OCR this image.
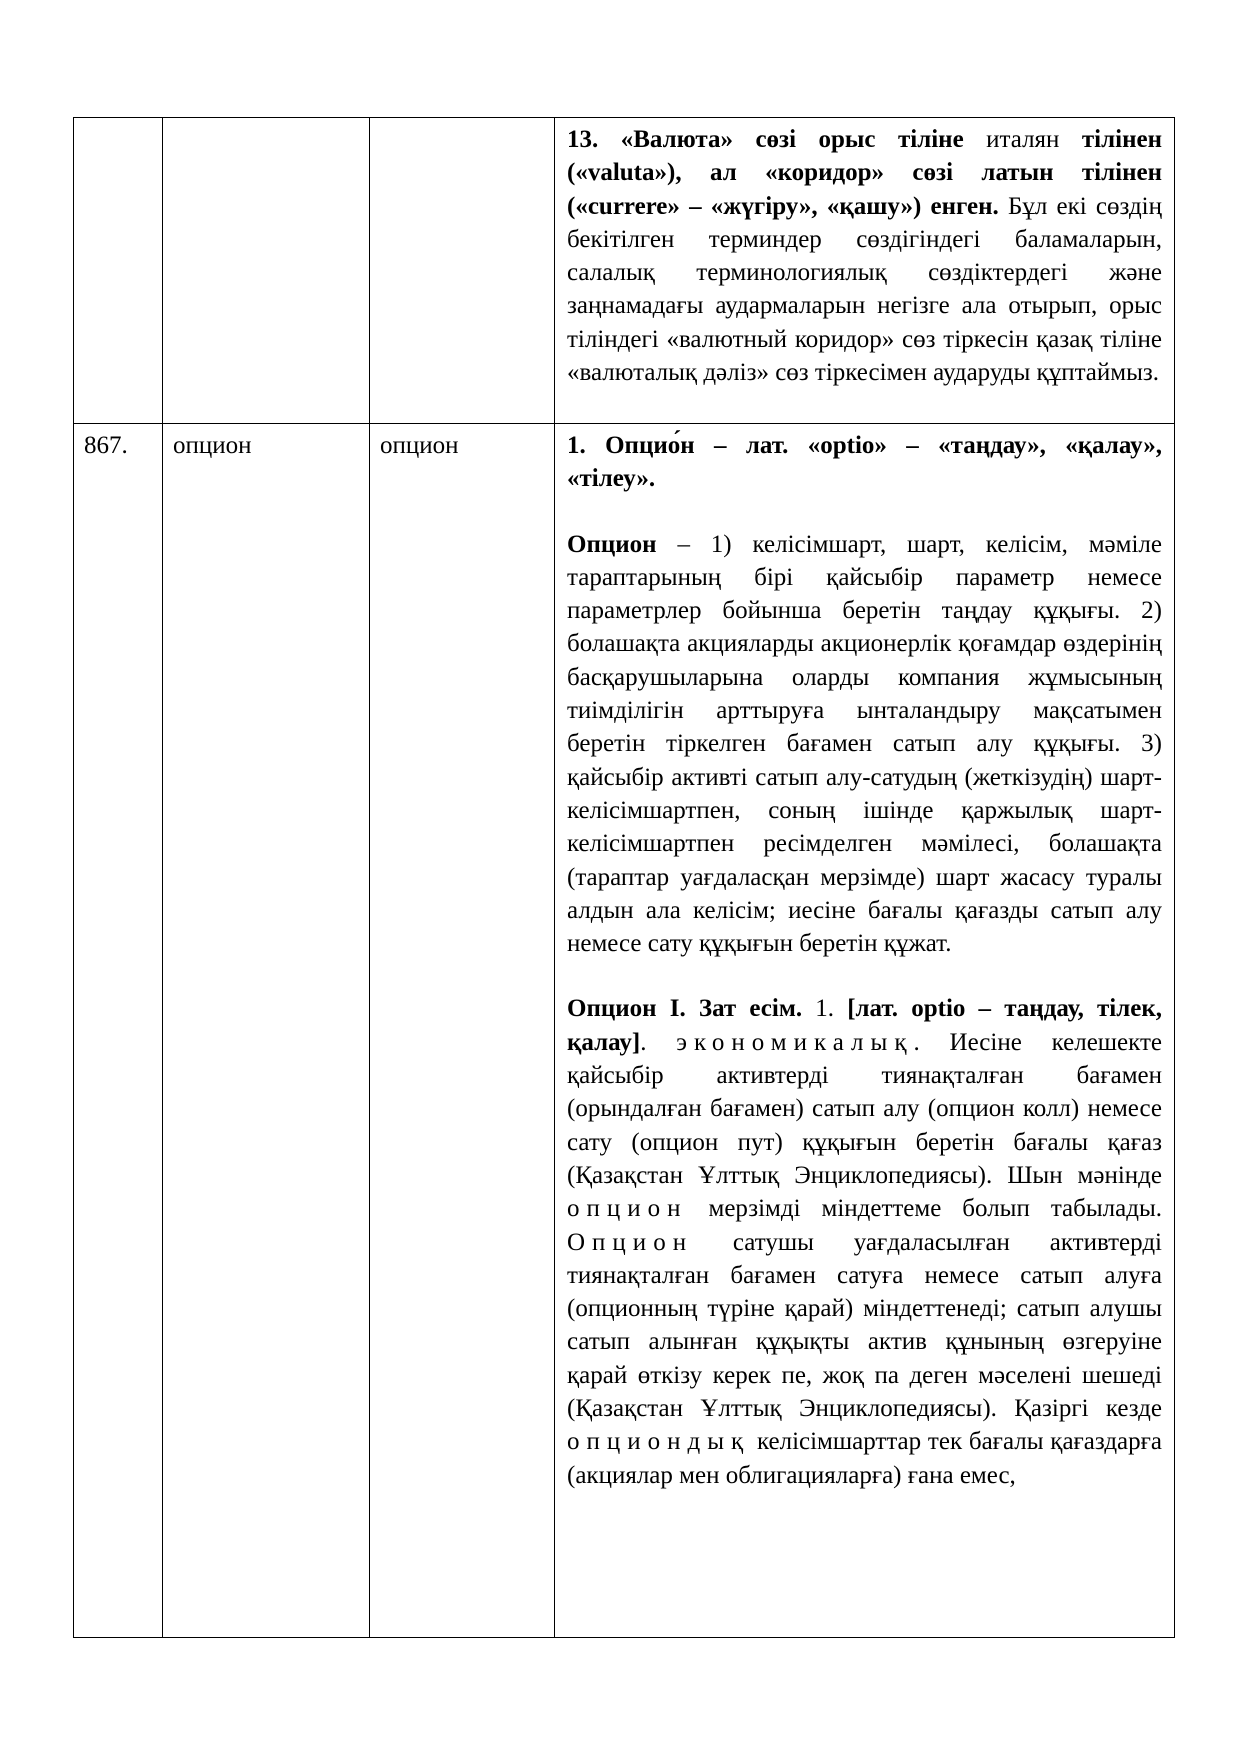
			13. «Валюта» сөзі орыс тіліне италян тілінен («valuta»), ал «коридор» сөзі латын тілінен («currere» – «жүгіру», «қашу») енген. Бұл екі сөздің бекітілген терминдер сөздігіндегі баламаларын, салалық терминологиялық сөздіктердегі және заңнамадағы аудармаларын негізге ала отырып, орыс тіліндегі «валютный коридор» сөз тіркесін қазақ тіліне «валюталық дәліз» сөз тіркесімен аударуды құптаймыз.

867.	опцион	опцион	1. Опцио́н – лат. «optio» – «таңдау», «қалау», «тілеу».

Опцион – 1) келісімшарт, шарт, келісім, мәміле тараптарының бірі қайсыбір параметр немесе параметрлер бойынша беретін таңдау құқығы. 2) болашақта акцияларды акционерлік қоғамдар өздерінің басқарушыларына оларды компания жұмысының тиімділігін арттыруға ынталандыру мақсатымен беретін тіркелген бағамен сатып алу құқығы. 3) қайсыбір активті сатып алу-сатудың (жеткізудің) шарт-келісімшартпен, соның ішінде қаржылық шарт-келісімшартпен ресімделген мәмілесі, болашақта (тараптар уағдаласқан мерзімде) шарт жасасу туралы алдын ала келісім; иесіне бағалы қағазды сатып алу немесе сату құқығын беретін құжат.

Опцион І. Зат есім. 1. [лат. optio – таңдау, тілек, қалау]. экономикалық. Иесіне келешекте қайсыбір активтерді тиянақталған бағамен (орындалған бағамен) сатып алу (опцион колл) немесе сату (опцион пут) құқығын беретін бағалы қағаз (Қазақстан Ұлттық Энциклопедиясы). Шын мәнінде опцион мерзімді міндеттеме болып табылады. Опцион сатушы уағдаласылған активтерді тиянақталған бағамен сатуға немесе сатып алуға (опционның түріне қарай) міндеттенеді; сатып алушы сатып алынған құқықты актив құнының өзгеруіне қарай өткізу керек пе, жоқ па деген мәселені шешеді (Қазақстан Ұлттық Энциклопедиясы). Қазіргі кезде опциондық келісімшарттар тек бағалы қағаздарға (акциялар мен облигацияларға) ғана емес,
